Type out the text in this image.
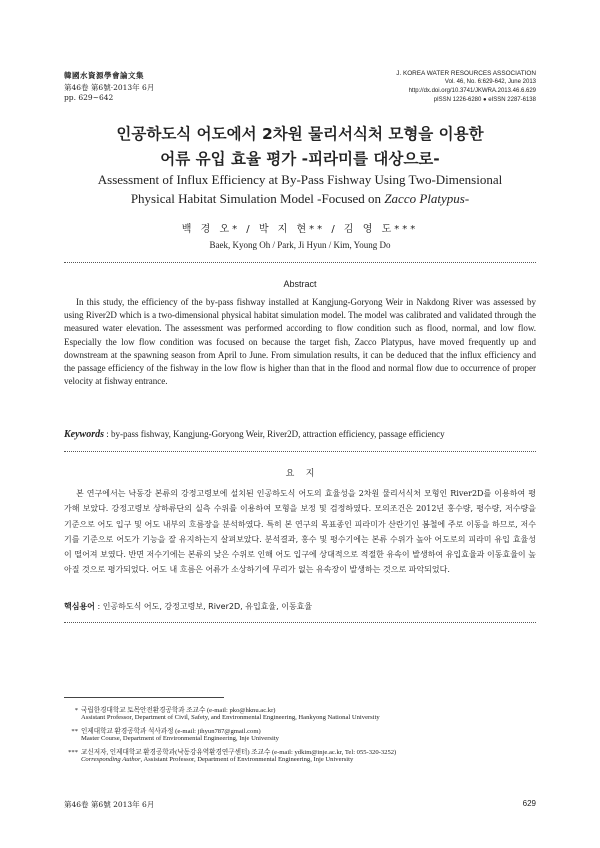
韓國水資源學會論文集
第46卷 第6號·2013年 6月
pp. 629~642
J. KOREA WATER RESOURCES ASSOCIATION
Vol. 46, No. 6:629-642, June 2013
http://dx.doi.org/10.3741/JKWRA.2013.46.6.629
pISSN 1226-6280 ● eISSN 2287-6138
인공하도식 어도에서 2차원 물리서식처 모형을 이용한
어류 유입 효율 평가 -피라미를 대상으로-
Assessment of Influx Efficiency at By-Pass Fishway Using Two-Dimensional
Physical Habitat Simulation Model -Focused on Zacco Platypus-
백 경 오* / 박 지 현** / 김 영 도***
Baek, Kyong Oh / Park, Ji Hyun / Kim, Young Do
Abstract

In this study, the efficiency of the by-pass fishway installed at Kangjung-Goryong Weir in Nakdong River was assessed by using River2D which is a two-dimensional physical habitat simulation model. The model was calibrated and validated through the measured water elevation. The assessment was performed according to flow condition such as flood, normal, and low flow. Especially the low flow condition was focused on because the target fish, Zacco Platypus, have moved frequently up and downstream at the spawning season from April to June. From simulation results, it can be deduced that the influx efficiency and the passage efficiency of the fishway in the low flow is higher than that in the flood and normal flow due to occurrence of proper velocity at fishway entrance.

Keywords : by-pass fishway, Kangjung-Goryong Weir, River2D, attraction efficiency, passage efficiency
요    지

본 연구에서는 낙동강 본류의 강정고령보에 설치된 인공하도식 어도의 효율성을 2차원 물리서식처 모형인 River2D를 이용하여 평가해 보았다. 강정고령보 상하류단의 실측 수위를 이용하여 모형을 보정 및 검정하였다. 모의조건은 2012년 홍수량, 평수량, 저수량을 기준으로 어도 입구 및 어도 내부의 흐름장을 분석하였다. 특히 본 연구의 목표종인 피라미가 산란기인 봄철에 주로 이동을 하므로, 저수기를 기준으로 어도가 기능을 잘 유지하는지 살펴보았다. 분석결과, 홍수 및 평수기에는 본류 수위가 높아 어도로의 피라미 유입 효율성이 떨어져 보였다. 반면 저수기에는 본류의 낮은 수위로 인해 어도 입구에 상대적으로 적절한 유속이 발생하여 유입효율과 이동효율이 높아질 것으로 평가되었다. 어도 내 흐름은 어류가 소상하기에 무리가 없는 유속장이 발생하는 것으로 파악되었다.

핵심용어 : 인공하도식 어도, 강정고령보, River2D, 유입효율, 이동효율
* 국립한경대학교 토목안전환경공학과 조교수 (e-mail: pko@hknu.ac.kr)
Assistant Professor, Department of Civil, Safety, and Environmental Engineering, Hankyong National University
** 인제대학교 환경공학과 석사과정 (e-mail: jihyun787@gmail.com)
Master Course, Department of Environmental Engineering, Inje University
*** 교신저자, 인제대학교 환경공학과(낙동강유역환경연구센터) 조교수 (e-mail: ydkim@inje.ac.kr, Tel: 055-320-3252)
Corresponding Author, Assistant Professor, Department of Environmental Engineering, Inje University
第46卷 第6號 2013年 6月	629
